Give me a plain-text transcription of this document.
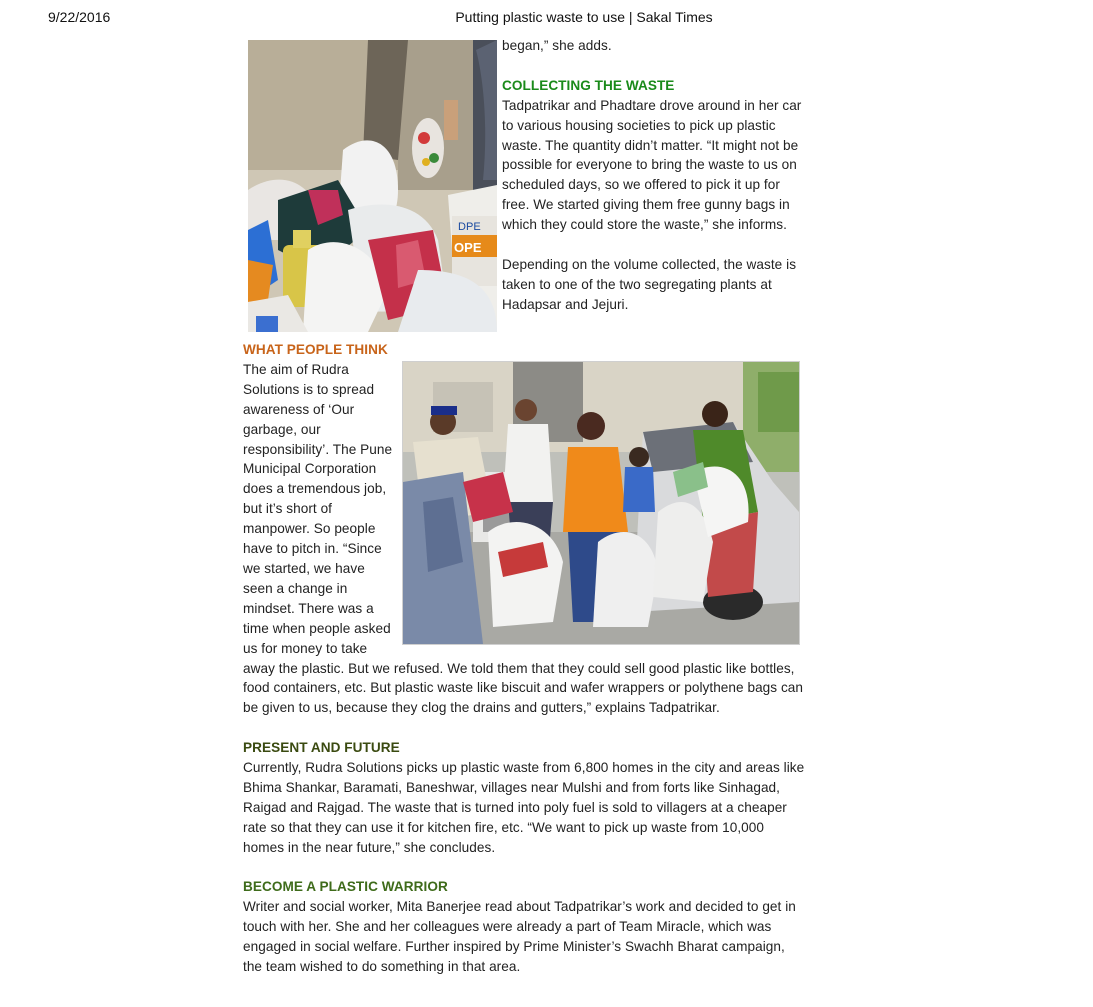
9/22/2016	Putting plastic waste to use | Sakal Times
DPE
OPE

began,” she adds.

COLLECTING THE WASTE

Tadpatrikar and Phadtare drove around in her car to various housing societies to pick up plastic waste. The quantity didn’t matter. “It might not be possible for everyone to bring the waste to us on scheduled days, so we offered to pick it up for free. We started giving them free gunny bags in which they could store the waste,” she informs.

Depending on the volume collected, the waste is taken to one of the two segregating plants at Hadapsar and Jejuri.

WHAT PEOPLE THINK

The aim of Rudra Solutions is to spread awareness of ‘Our garbage, our responsibility’. The Pune Municipal Corporation does a tremendous job, but it’s short of manpower. So people have to pitch in. “Since we started, we have seen a change in mindset. There was a time when people asked us for money to take away the plastic. But we refused. We told them that they could sell good plastic like bottles, food containers, etc. But plastic waste like biscuit and wafer wrappers or polythene bags can be given to us, because they clog the drains and gutters,” explains Tadpatrikar.

PRESENT AND FUTURE

Currently, Rudra Solutions picks up plastic waste from 6,800 homes in the city and areas like Bhima Shankar, Baramati, Baneshwar, villages near Mulshi and from forts like Sinhagad, Raigad and Rajgad. The waste that is turned into poly fuel is sold to villagers at a cheaper rate so that they can use it for kitchen fire, etc. “We want to pick up waste from 10,000 homes in the near future,” she concludes.

BECOME A PLASTIC WARRIOR

Writer and social worker, Mita Banerjee read about Tadpatrikar’s work and decided to get in touch with her. She and her colleagues were already a part of Team Miracle, which was engaged in social welfare. Further inspired by Prime Minister’s Swachh Bharat campaign, the team wished to do something in that area.
